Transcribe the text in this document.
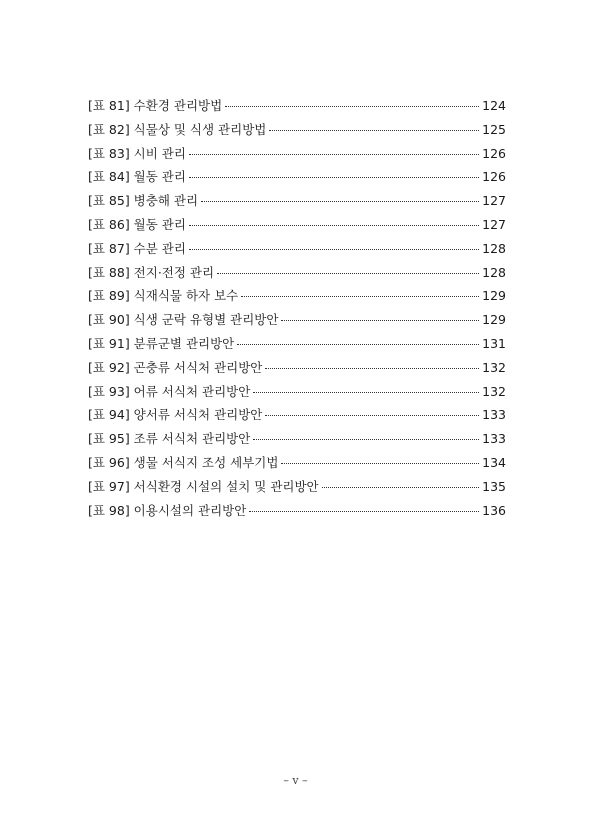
[표 81] 수환경 관리방법	124
[표 82] 식물상 및 식생 관리방법	125
[표 83] 시비 관리	126
[표 84] 월동 관리	126
[표 85] 병충해 관리	127
[표 86] 월동 관리	127
[표 87] 수분 관리	128
[표 88] 전지·전정 관리	128
[표 89] 식재식물 하자 보수	129
[표 90] 식생 군락 유형별 관리방안	129
[표 91] 분류군별 관리방안	131
[표 92] 곤충류 서식처 관리방안	132
[표 93] 어류 서식처 관리방안	132
[표 94] 양서류 서식처 관리방안	133
[표 95] 조류 서식처 관리방안	133
[표 96] 생물 서식지 조성 세부기법	134
[표 97] 서식환경 시설의 설치 및 관리방안	135
[표 98] 이용시설의 관리방안	136
– v –
